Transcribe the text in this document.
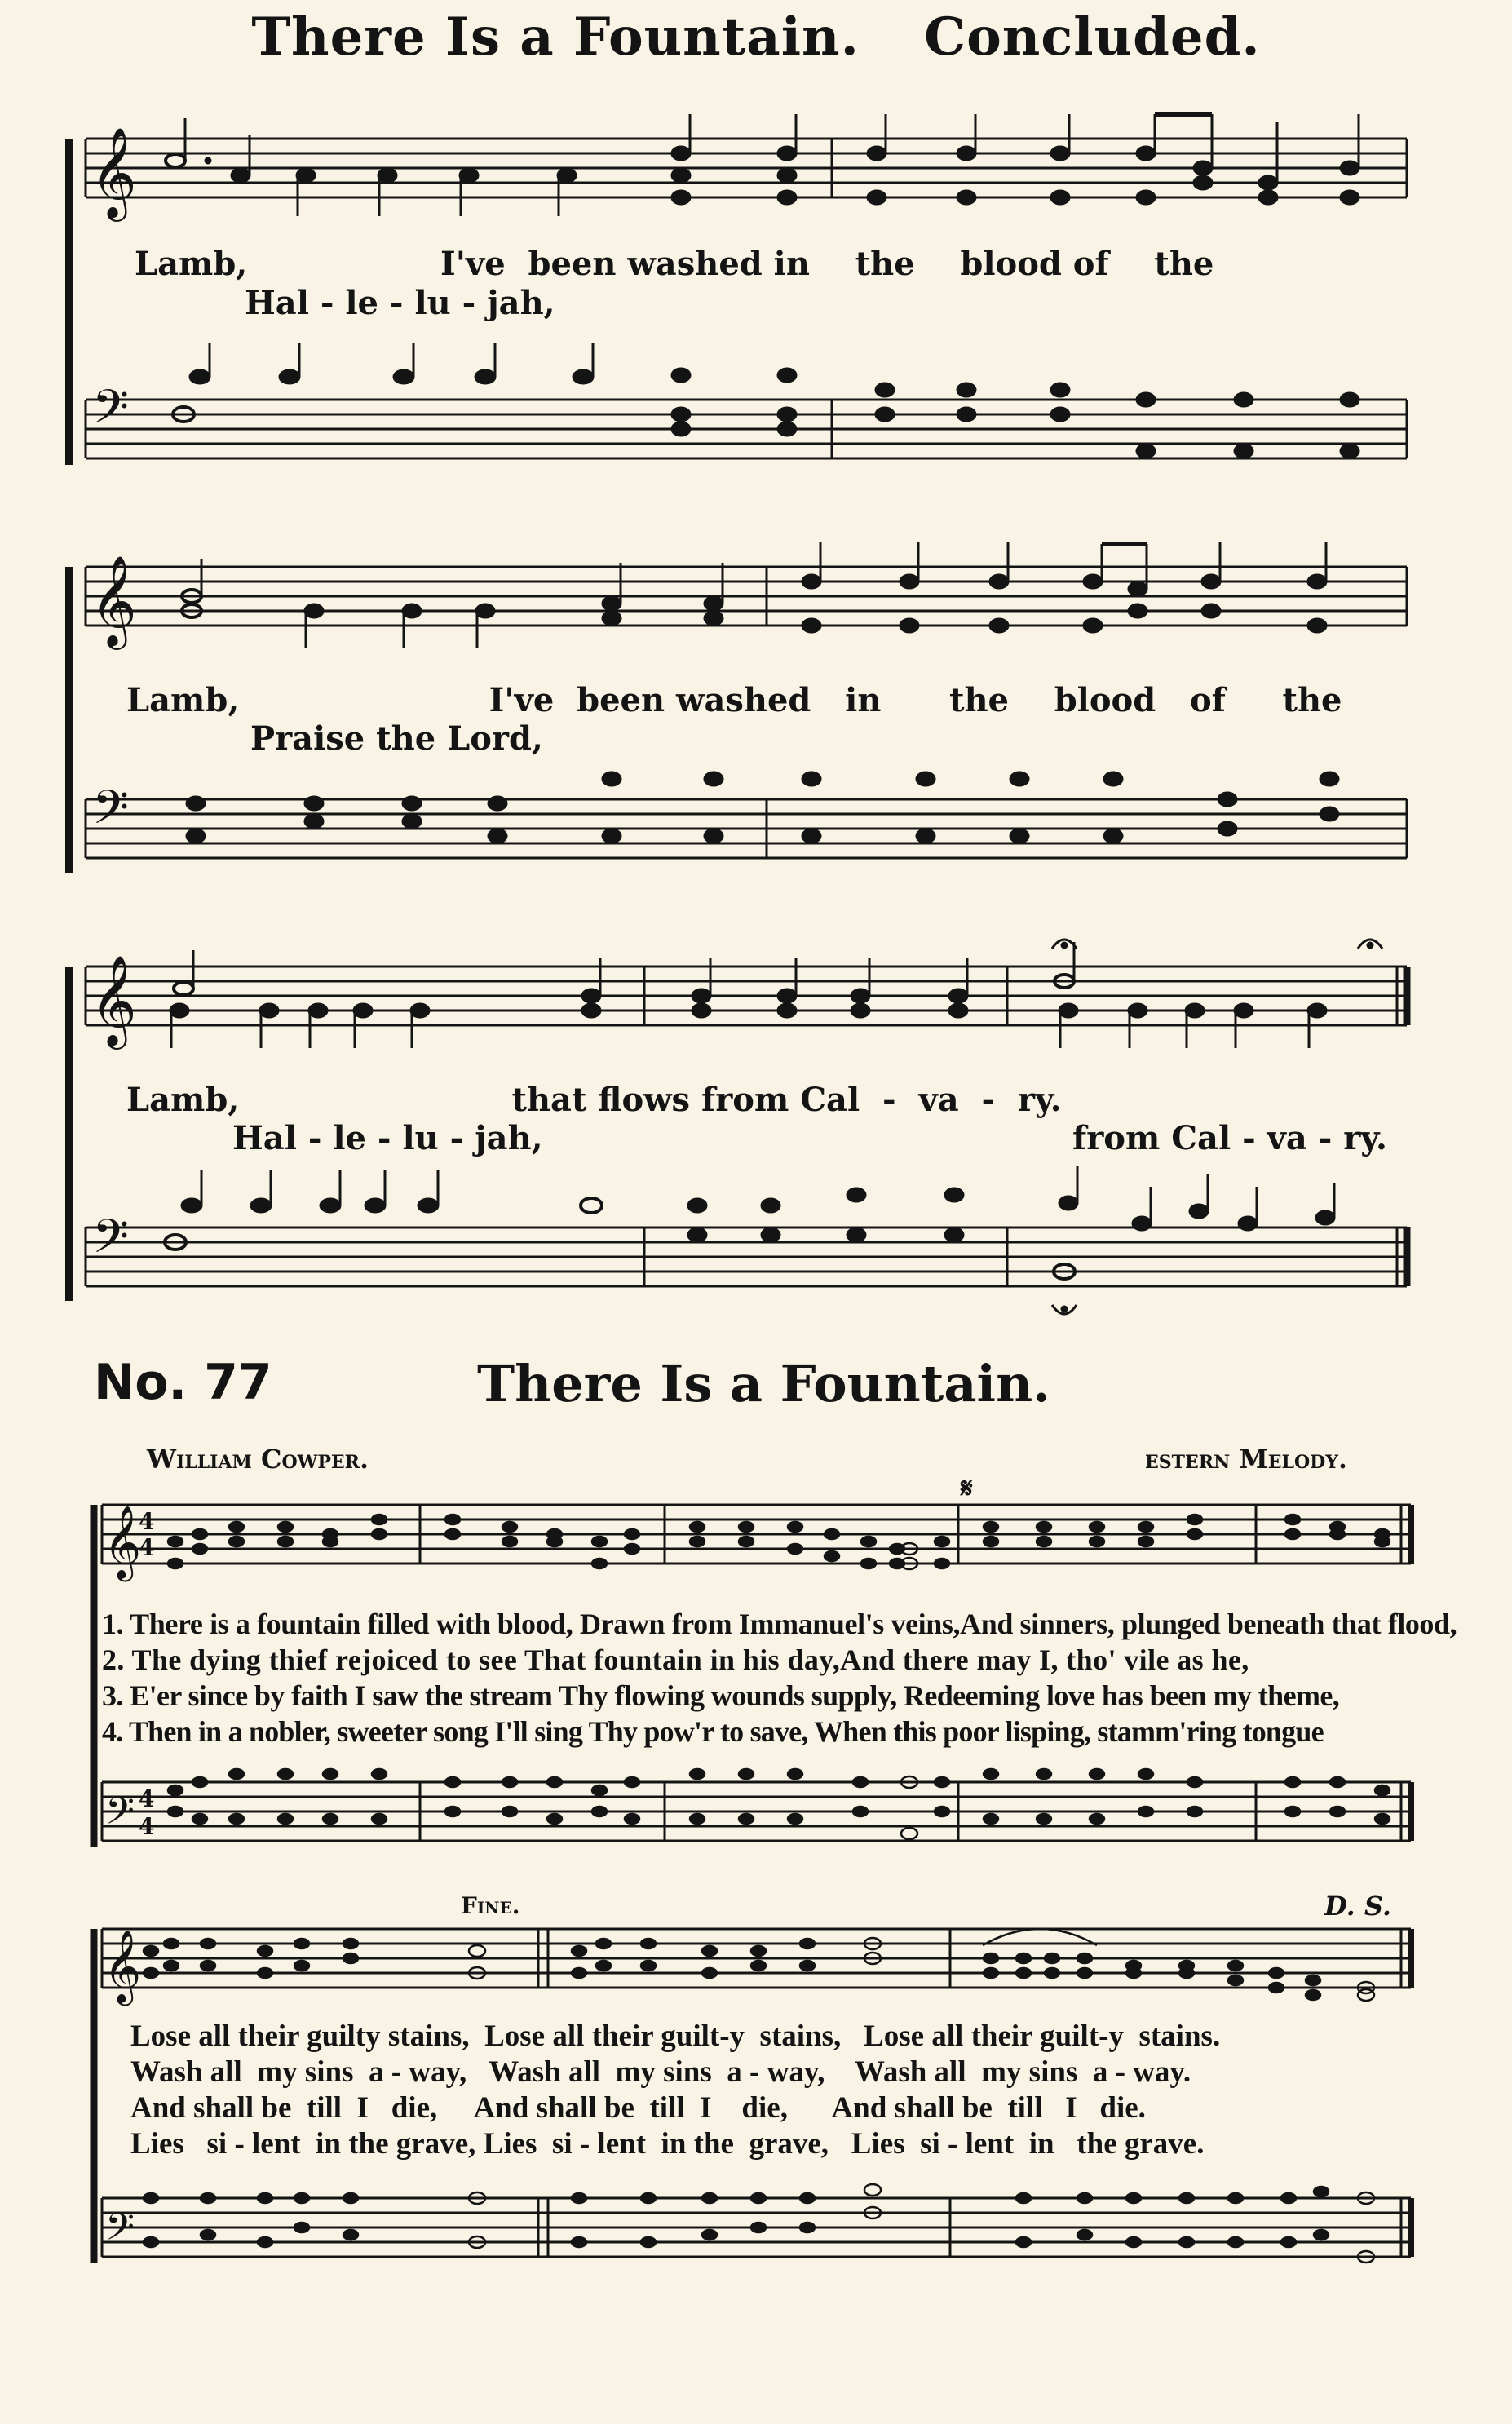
There Is a Fountain. Concluded.
𝄞
𝄢
Lamb,                 I've  been washed in    the    blood of    the
Hal - le - lu - jah,
𝄞
𝄢
Lamb,                      I've  been washed   in      the    blood   of     the
Praise the Lord,
𝄞
𝄢
Lamb,                        that flows from Cal  -  va  -  ry.
Hal - le - lu - jah,	from Cal - va - ry.
No. 77	There Is a Fountain.
William Cowper.	estern Melody.
𝄋
𝄞
4
4
𝄢 4
4
1. There is a fountain filled with blood, Drawn from Immanuel's veins,And sinners, plunged beneath that flood,
2. The dying thief rejoiced to see That fountain in his day,And there may I, tho' vile as he,
3. E'er since by faith I saw the stream Thy flowing wounds supply, Redeeming love has been my theme,
4. Then in a nobler, sweeter song I'll sing Thy pow'r to save, When this poor lisping, stamm'ring tongue
Fine.	D. S.
𝄞
𝄢
Lose all their guilty stains,  Lose all their guilt-y  stains,   Lose all their guilt-y  stains.
Wash all  my sins  a - way,   Wash all  my sins  a - way,    Wash all  my sins  a - way.
And shall be  till  I   die,     And shall be  till  I    die,      And shall be  till   I   die.
Lies   si - lent  in the grave, Lies  si - lent  in the  grave,   Lies  si - lent  in   the grave.
